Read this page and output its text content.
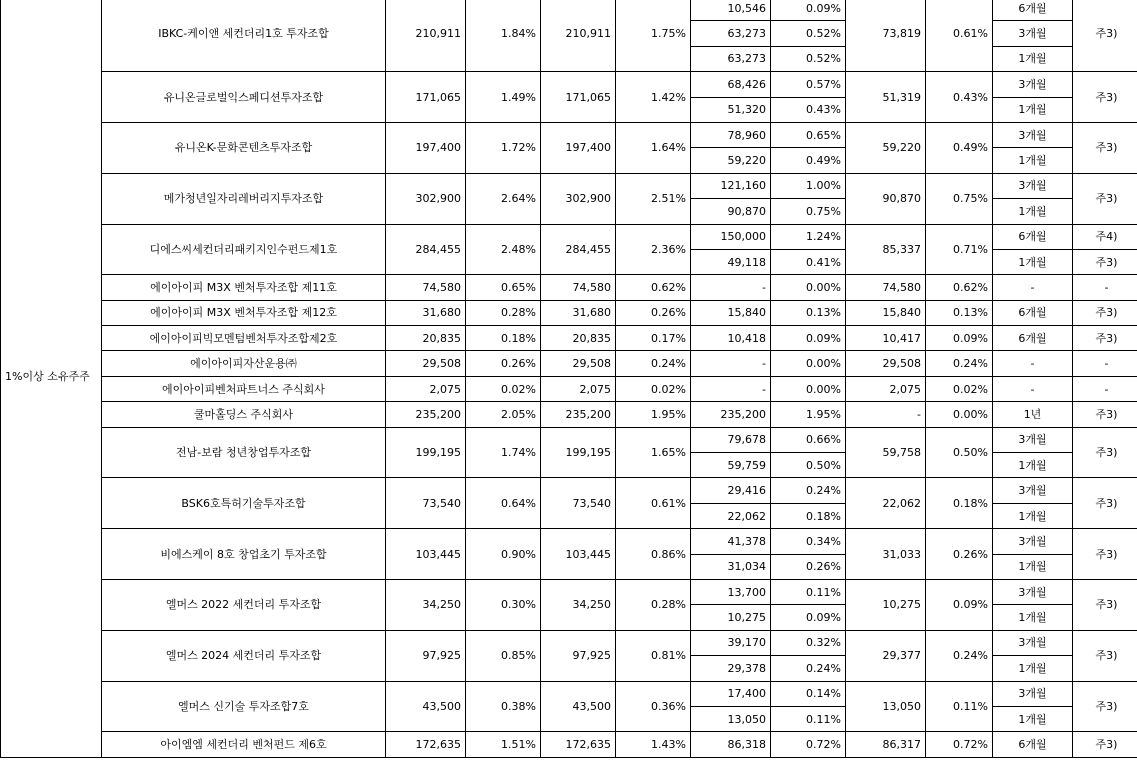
1%이상 소유주주	IBKC-케이앤 세컨더리1호 투자조합	210,911	1.84%	210,911	1.75%	10,546	0.09%	73,819	0.61%	6개월	주3)
						63,273	0.52%			3개월	
						63,273	0.52%			1개월	
	유니온글로벌익스페디션투자조합	171,065	1.49%	171,065	1.42%	68,426	0.57%	51,319	0.43%	3개월	주3)
						51,320	0.43%			1개월	
	유니온K-문화콘텐츠투자조합	197,400	1.72%	197,400	1.64%	78,960	0.65%	59,220	0.49%	3개월	주3)
						59,220	0.49%			1개월	
	메가청년일자리레버리지투자조합	302,900	2.64%	302,900	2.51%	121,160	1.00%	90,870	0.75%	3개월	주3)
						90,870	0.75%			1개월	
	디에스씨세컨더리패키지인수펀드제1호	284,455	2.48%	284,455	2.36%	150,000	1.24%	85,337	0.71%	6개월	주4)
						49,118	0.41%			1개월	주3)
	에이아이피 M3X 벤처투자조합 제11호	74,580	0.65%	74,580	0.62%	-	0.00%	74,580	0.62%	-	-
	에이아이피 M3X 벤처투자조합 제12호	31,680	0.28%	31,680	0.26%	15,840	0.13%	15,840	0.13%	6개월	주3)
	에이아이피빅모멘텀벤처투자조합제2호	20,835	0.18%	20,835	0.17%	10,418	0.09%	10,417	0.09%	6개월	주3)
	에이아이피자산운용㈜	29,508	0.26%	29,508	0.24%	-	0.00%	29,508	0.24%	-	-
	에이아이피벤처파트너스 주식회사	2,075	0.02%	2,075	0.02%	-	0.00%	2,075	0.02%	-	-
	쿨마홀딩스 주식회사	235,200	2.05%	235,200	1.95%	235,200	1.95%	-	0.00%	1년	주3)
	전남-보람 청년창업투자조합	199,195	1.74%	199,195	1.65%	79,678	0.66%	59,758	0.50%	3개월	주3)
						59,759	0.50%			1개월	
	BSK6호특허기술투자조합	73,540	0.64%	73,540	0.61%	29,416	0.24%	22,062	0.18%	3개월	주3)
						22,062	0.18%			1개월	
	비에스케이 8호 창업초기 투자조합	103,445	0.90%	103,445	0.86%	41,378	0.34%	31,033	0.26%	3개월	주3)
						31,034	0.26%			1개월	
	엘머스 2022 세컨더리 투자조합	34,250	0.30%	34,250	0.28%	13,700	0.11%	10,275	0.09%	3개월	주3)
						10,275	0.09%			1개월	
	엘머스 2024 세컨더리 투자조합	97,925	0.85%	97,925	0.81%	39,170	0.32%	29,377	0.24%	3개월	주3)
						29,378	0.24%			1개월	
	엘머스 신기술 투자조합7호	43,500	0.38%	43,500	0.36%	17,400	0.14%	13,050	0.11%	3개월	주3)
						13,050	0.11%			1개월	
	아이엠엠 세컨더리 벤처펀드 제6호	172,635	1.51%	172,635	1.43%	86,318	0.72%	86,317	0.72%	6개월	주3)
